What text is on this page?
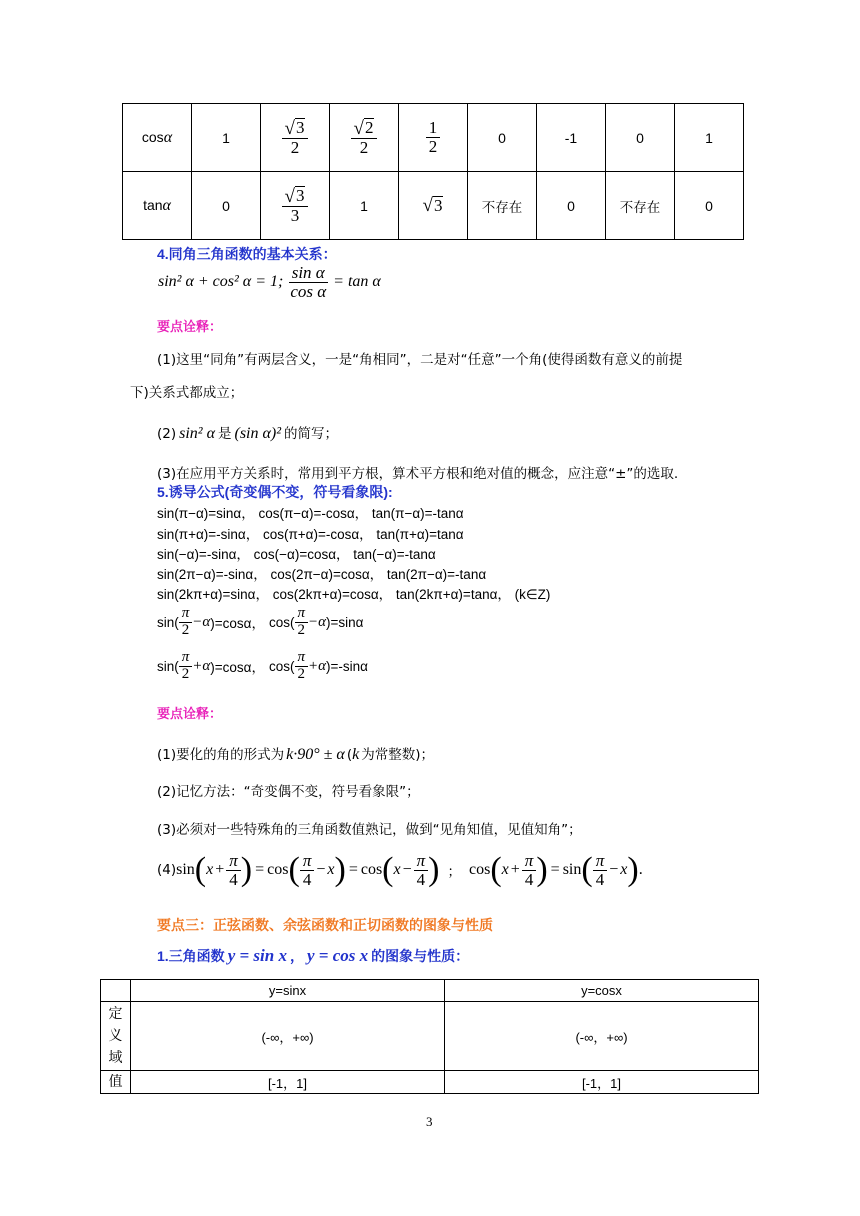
cosα	1	$\frac{√ 3}{2}$	$\frac{√ 2}{2}$	$\frac{1}{2}$	0	-1	0	1
tanα	0	$\frac{√ 3}{3}$	1	√ 3	不存在	0	不存在	0
4.同角三角函数的基本关系：
sin² α + cos² α = 1; $\frac{\text{sin α}}{\text{cos α}} = \tan \alpha$
要点诠释：
(1)这里“同角”有两层含义，一是“角相同”，二是对“任意”一个角(使得函数有意义的前提
下)关系式都成立；
(2) sin² α 是 (sin α)² 的简写；
(3)在应用平方关系时，常用到平方根，算术平方根和绝对值的概念，应注意“±”的选取.
5.诱导公式(奇变偶不变，符号看象限):
sin(π−α)=sinα， cos(π−α)=-cosα， tan(π−α)=-tanα
sin(π+α)=-sinα， cos(π+α)=-cosα， tan(π+α)=tanα
sin(−α)=-sinα， cos(−α)=cosα， tan(−α)=-tanα
sin(2π−α)=-sinα， cos(2π−α)=cosα， tan(2π−α)=-tanα
sin(2kπ+α)=sinα， cos(2kπ+α)=cosα， tan(2kπ+α)=tanα， (k∈Z)
$\sin( \frac{\pi}{2} -\alpha$ )=cosα， $\cos( \frac{\pi}{2} -\alpha$ )=sinα
$\sin( \frac{\pi}{2} +\alpha$ )=cosα， $\cos( \frac{\pi}{2} +\alpha$ )=-sinα
要点诠释：
(1)要化的角的形式为 k·90° ± α ( k 为常整数)；
(2)记忆方法：“奇变偶不变，符号看象限”；
(3)必须对一些特殊角的三角函数值熟记，做到“见角知值，见值知角”；
(4) sin ( $x + \frac{\pi}{4}$ ) = cos ( $\frac{\pi}{4} - x$ ) = cos ( $x - \frac{\pi}{4}$ ) ； cos ( $x + \frac{\pi}{4}$ ) = sin ( $\frac{\pi}{4} - x$ ) .
要点三：正弦函数、余弦函数和正切函数的图象与性质
1.三角函数 y = sin x ， y = cos x 的图象与性质：
	y=sinx	y=cosx

定
义
域	(-∞，+∞)	(-∞，+∞)

值	[-1，1]	[-1，1]
3
